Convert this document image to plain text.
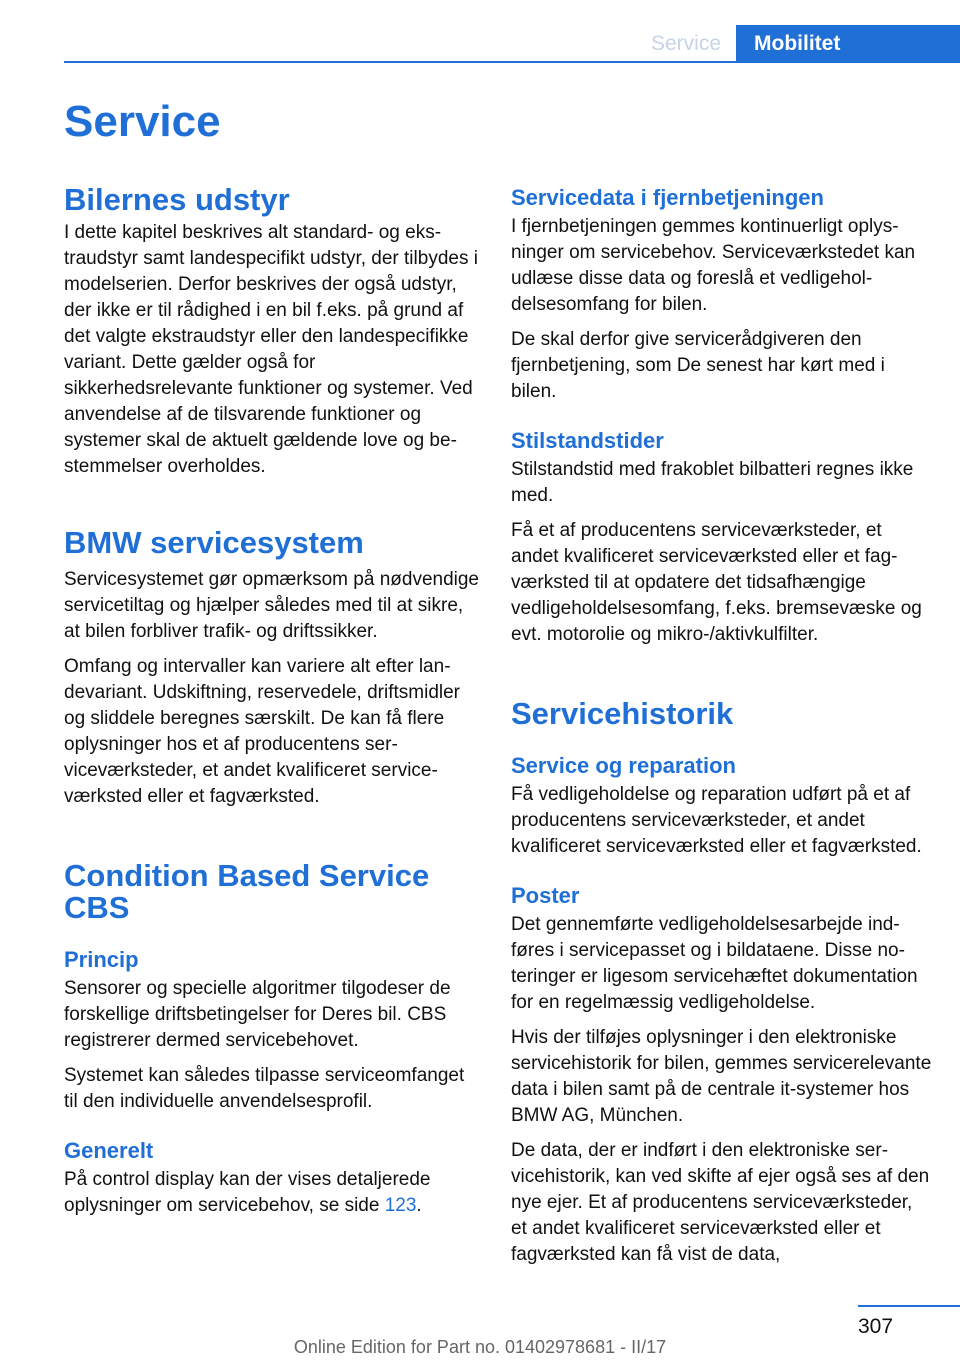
Service	Mobilitet
Service
Bilernes udstyr

I dette kapitel beskrives alt standard- og ekstraudstyr samt landespecifikt udstyr, der tilbydes i modelserien. Derfor beskrives der også udstyr, der ikke er til rådighed i en bil f.eks. på grund af det valgte ekstraudstyr eller den landespecifikke variant. Dette gælder også for sikkerhedsrelevante funktioner og systemer. Ved anvendelse af de tilsvarende funktioner og systemer skal de aktuelt gældende love og bestemmelser overholdes.

BMW servicesystem

Servicesystemet gør opmærksom på nødvendige servicetiltag og hjælper således med til at sikre, at bilen forbliver trafik- og driftssikker.

Omfang og intervaller kan variere alt efter landevariant. Udskiftning, reservedele, driftsmidler og sliddele beregnes særskilt. De kan få flere oplysninger hos et af producentens serviceværksteder, et andet kvalificeret serviceværksted eller et fagværksted.

Condition Based Service CBS
Princip

Sensorer og specielle algoritmer tilgodeser de forskellige driftsbetingelser for Deres bil. CBS registrerer dermed servicebehovet.

Systemet kan således tilpasse serviceomfanget til den individuelle anvendelsesprofil.

Generelt

På control display kan der vises detaljerede oplysninger om servicebehov, se side 123.

Servicedata i fjernbetjeningen

I fjernbetjeningen gemmes kontinuerligt oplysninger om servicebehov. Serviceværkstedet kan udlæse disse data og foreslå et vedligeholdelsesomfang for bilen.

De skal derfor give servicerådgiveren den fjernbetjening, som De senest har kørt med i bilen.

Stilstandstider

Stilstandstid med frakoblet bilbatteri regnes ikke med.

Få et af producentens serviceværksteder, et andet kvalificeret serviceværksted eller et fagværksted til at opdatere det tidsafhængige vedligeholdelsesomfang, f.eks. bremsevæske og evt. motorolie og mikro-/aktivkulfilter.

Servicehistorik
Service og reparation

Få vedligeholdelse og reparation udført på et af producentens serviceværksteder, et andet kvalificeret serviceværksted eller et fagværksted.

Poster

Det gennemførte vedligeholdelsesarbejde indføres i servicepasset og i bildataene. Disse noteringer er ligesom servicehæftet dokumentation for en regelmæssig vedligeholdelse.

Hvis der tilføjes oplysninger i den elektroniske servicehistorik for bilen, gemmes servicerelevante data i bilen samt på de centrale it-systemer hos BMW AG, München.

De data, der er indført i den elektroniske servicehistorik, kan ved skifte af ejer også ses af den nye ejer. Et af producentens serviceværksteder, et andet kvalificeret serviceværksted eller et fagværksted kan få vist de data,

307
Online Edition for Part no. 01402978681 - II/17
